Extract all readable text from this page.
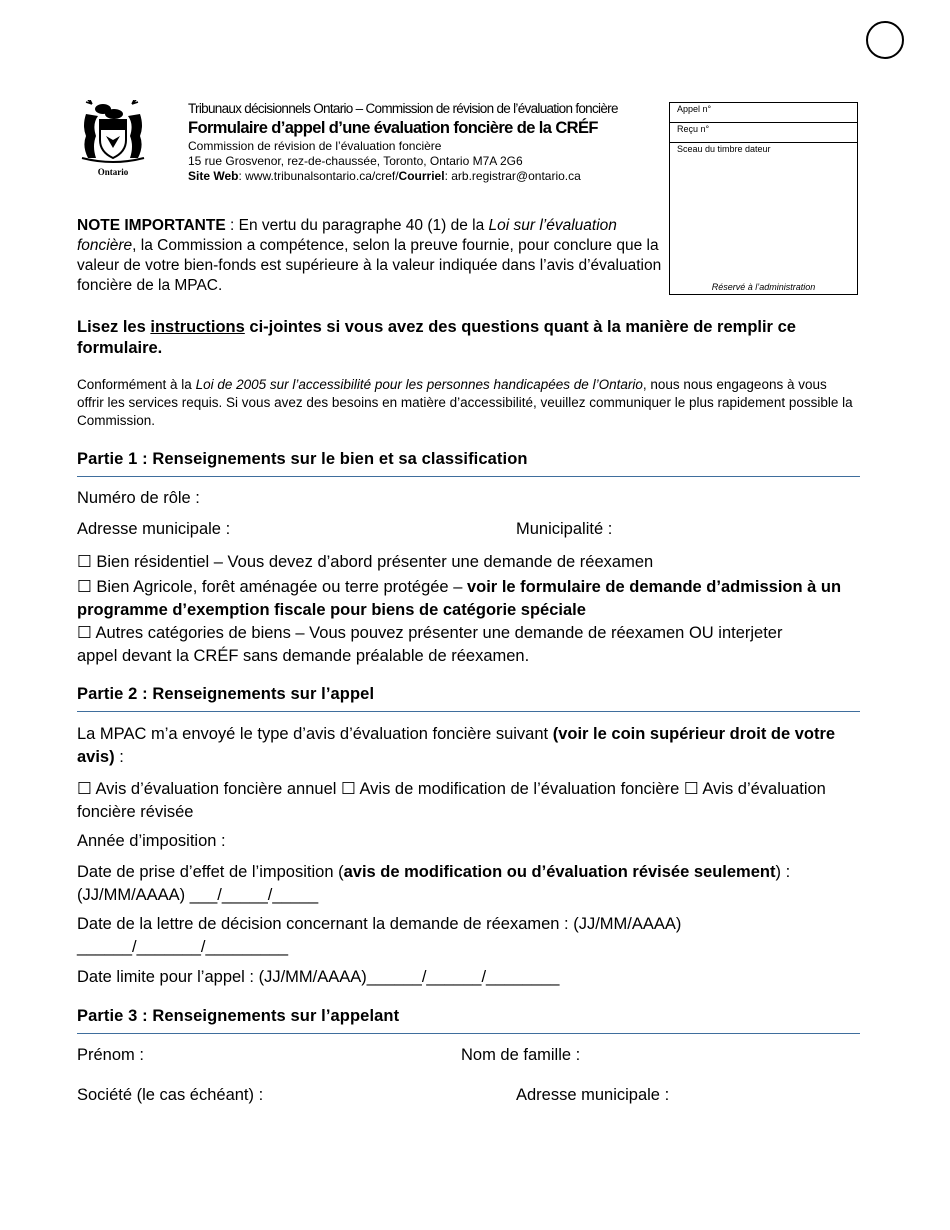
Ontario
Tribunaux décisionnels Ontario – Commission de révision de l’évaluation foncière
Formulaire d’appel d’une évaluation foncière de la CRÉF
Commission de révision de l’évaluation foncière
15 rue Grosvenor, rez-de-chaussée, Toronto, Ontario M7A 2G6
Site Web: www.tribunalsontario.ca/cref/Courriel: arb.registrar@ontario.ca
Appel n°
Reçu n°
Sceau du timbre dateur
Réservé à l’administration
NOTE IMPORTANTE : En vertu du paragraphe 40 (1) de la Loi sur l’évaluation foncière, la Commission a compétence, selon la preuve fournie, pour conclure que la valeur de votre bien-fonds est supérieure à la valeur indiquée dans l’avis d’évaluation foncière de la MPAC.
Lisez les instructions ci-jointes si vous avez des questions quant à la manière de remplir ce formulaire.
Conformément à la Loi de 2005 sur l’accessibilité pour les personnes handicapées de l’Ontario, nous nous engageons à vous offrir les services requis. Si vous avez des besoins en matière d’accessibilité, veuillez communiquer le plus rapidement possible la Commission.
Partie 1 : Renseignements sur le bien et sa classification
Numéro de rôle :
Adresse municipale :	Municipalité :
☐ Bien résidentiel – Vous devez d’abord présenter une demande de réexamen
☐ Bien Agricole, forêt aménagée ou terre protégée – voir le formulaire de demande d’admission à un programme d’exemption fiscale pour biens de catégorie spéciale
☐ Autres catégories de biens – Vous pouvez présenter une demande de réexamen OU interjeter appel devant la CRÉF sans demande préalable de réexamen.
Partie 2 : Renseignements sur l’appel
La MPAC m’a envoyé le type d’avis d’évaluation foncière suivant (voir le coin supérieur droit de votre avis) :
☐ Avis d’évaluation foncière annuel ☐ Avis de modification de l’évaluation foncière ☐ Avis d’évaluation foncière révisée
Année d’imposition :
Date de prise d’effet de l’imposition (avis de modification ou d’évaluation révisée seulement) : (JJ/MM/AAAA) ___/_____/_____
Date de la lettre de décision concernant la demande de réexamen : (JJ/MM/AAAA) ______/_______/_________
Date limite pour l’appel : (JJ/MM/AAAA)______/______/________
Partie 3 : Renseignements sur l’appelant
Prénom :	Nom de famille :
Société (le cas échéant) :	Adresse municipale :
